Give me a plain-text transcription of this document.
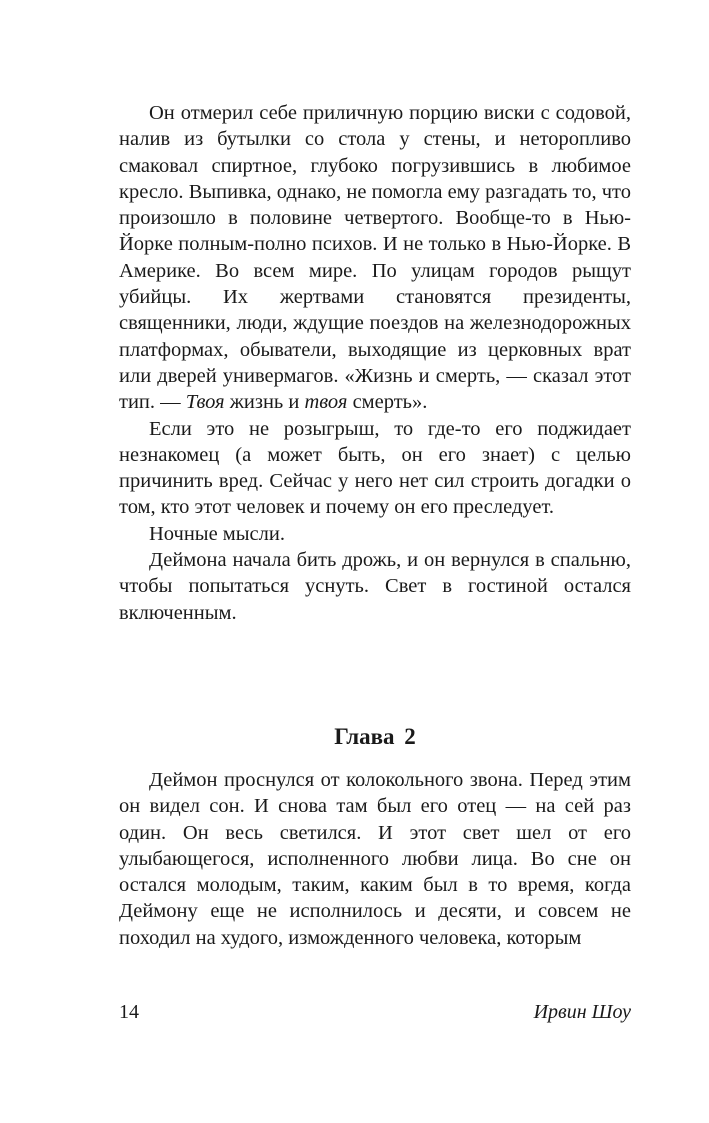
Он отмерил себе приличную порцию виски с содовой, налив из бутылки со стола у стены, и неторопливо смаковал спиртное, глубоко погрузившись в любимое кресло. Выпивка, однако, не помогла ему разгадать то, что произошло в половине четвертого. Вообще-то в Нью-Йорке полным-полно психов. И не только в Нью-Йорке. В Америке. Во всем мире. По улицам городов рыщут убийцы. Их жертвами становятся президенты, священники, люди, ждущие поездов на железнодорожных платформах, обыватели, выходящие из церковных врат или дверей универмагов. «Жизнь и смерть, — сказал этот тип. — Твоя жизнь и твоя смерть».

Если это не розыгрыш, то где-то его поджидает незнакомец (а может быть, он его знает) с целью причинить вред. Сейчас у него нет сил строить догадки о том, кто этот человек и почему он его преследует.

Ночные мысли.

Деймона начала бить дрожь, и он вернулся в спальню, чтобы попытаться уснуть. Свет в гостиной остался включенным.

Глава 2

Деймон проснулся от колокольного звона. Перед этим он видел сон. И снова там был его отец — на сей раз один. Он весь светился. И этот свет шел от его улыбающегося, исполненного любви лица. Во сне он остался молодым, таким, каким был в то время, когда Деймону еще не исполнилось и десяти, и совсем не походил на худого, изможденного человека, которым

14	Ирвин Шоу
